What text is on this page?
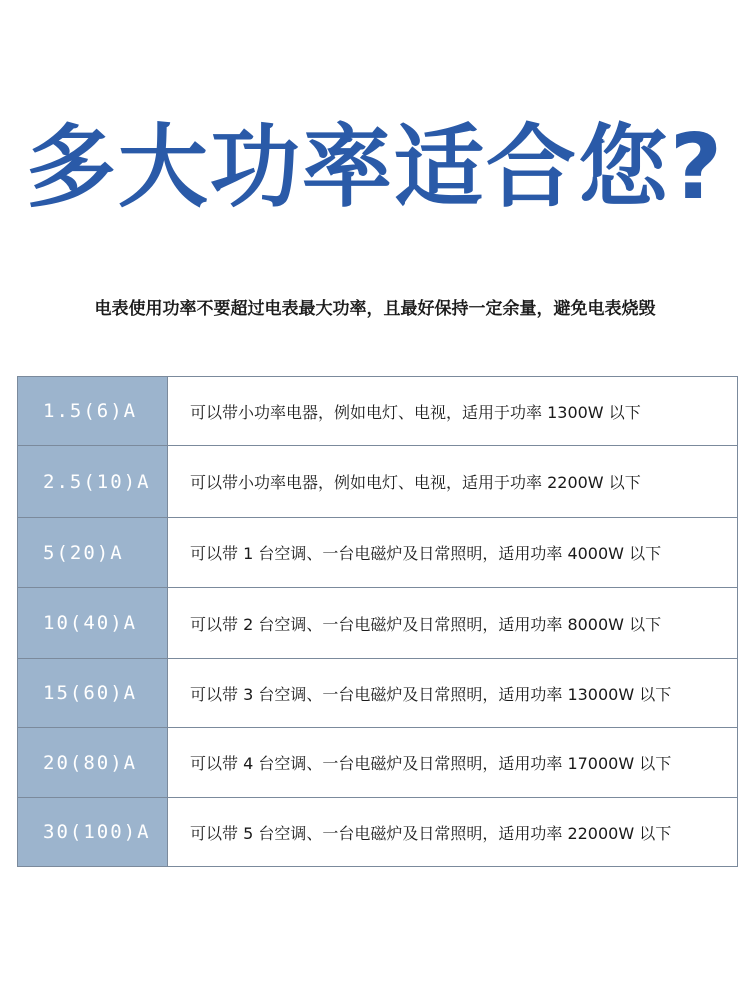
多大功率适合您?
电表使用功率不要超过电表最大功率，且最好保持一定余量，避免电表烧毁
1.5(6)A	可以带小功率电器，例如电灯、电视，适用于功率 1300W 以下
2.5(10)A	可以带小功率电器，例如电灯、电视，适用于功率 2200W 以下
5(20)A	可以带 1 台空调、一台电磁炉及日常照明，适用功率 4000W 以下
10(40)A	可以带 2 台空调、一台电磁炉及日常照明，适用功率 8000W 以下
15(60)A	可以带 3 台空调、一台电磁炉及日常照明，适用功率 13000W 以下
20(80)A	可以带 4 台空调、一台电磁炉及日常照明，适用功率 17000W 以下
30(100)A	可以带 5 台空调、一台电磁炉及日常照明，适用功率 22000W 以下
